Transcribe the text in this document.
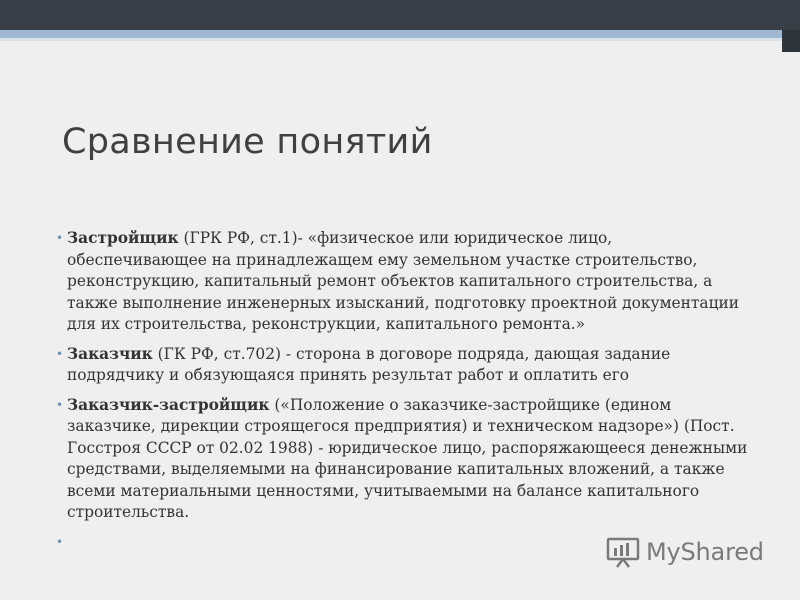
Сравнение понятий
• Застройщик (ГРК РФ, ст.1)- «физическое или юридическое лицо, обеспечивающее на принадлежащем ему земельном участке строительство, реконструкцию, капитальный ремонт объектов капитального строительства, а также выполнение инженерных изысканий, подготовку проектной документации для их строительства, реконструкции, капитального ремонта.»
• Заказчик (ГК РФ, ст.702) - сторона в договоре подряда, дающая задание подрядчику и обязующаяся принять результат работ и оплатить его
• Заказчик-застройщик («Положение о заказчике-застройщике (едином заказчике, дирекции строящегося предприятия) и техническом надзоре») (Пост. Госстроя СССР от 02.02 1988) - юридическое лицо, распоряжающееся денежными средствами, выделяемыми на финансирование капитальных вложений, а также всеми материальными ценностями, учитываемыми на балансе капитального строительства.
•	MyShared
